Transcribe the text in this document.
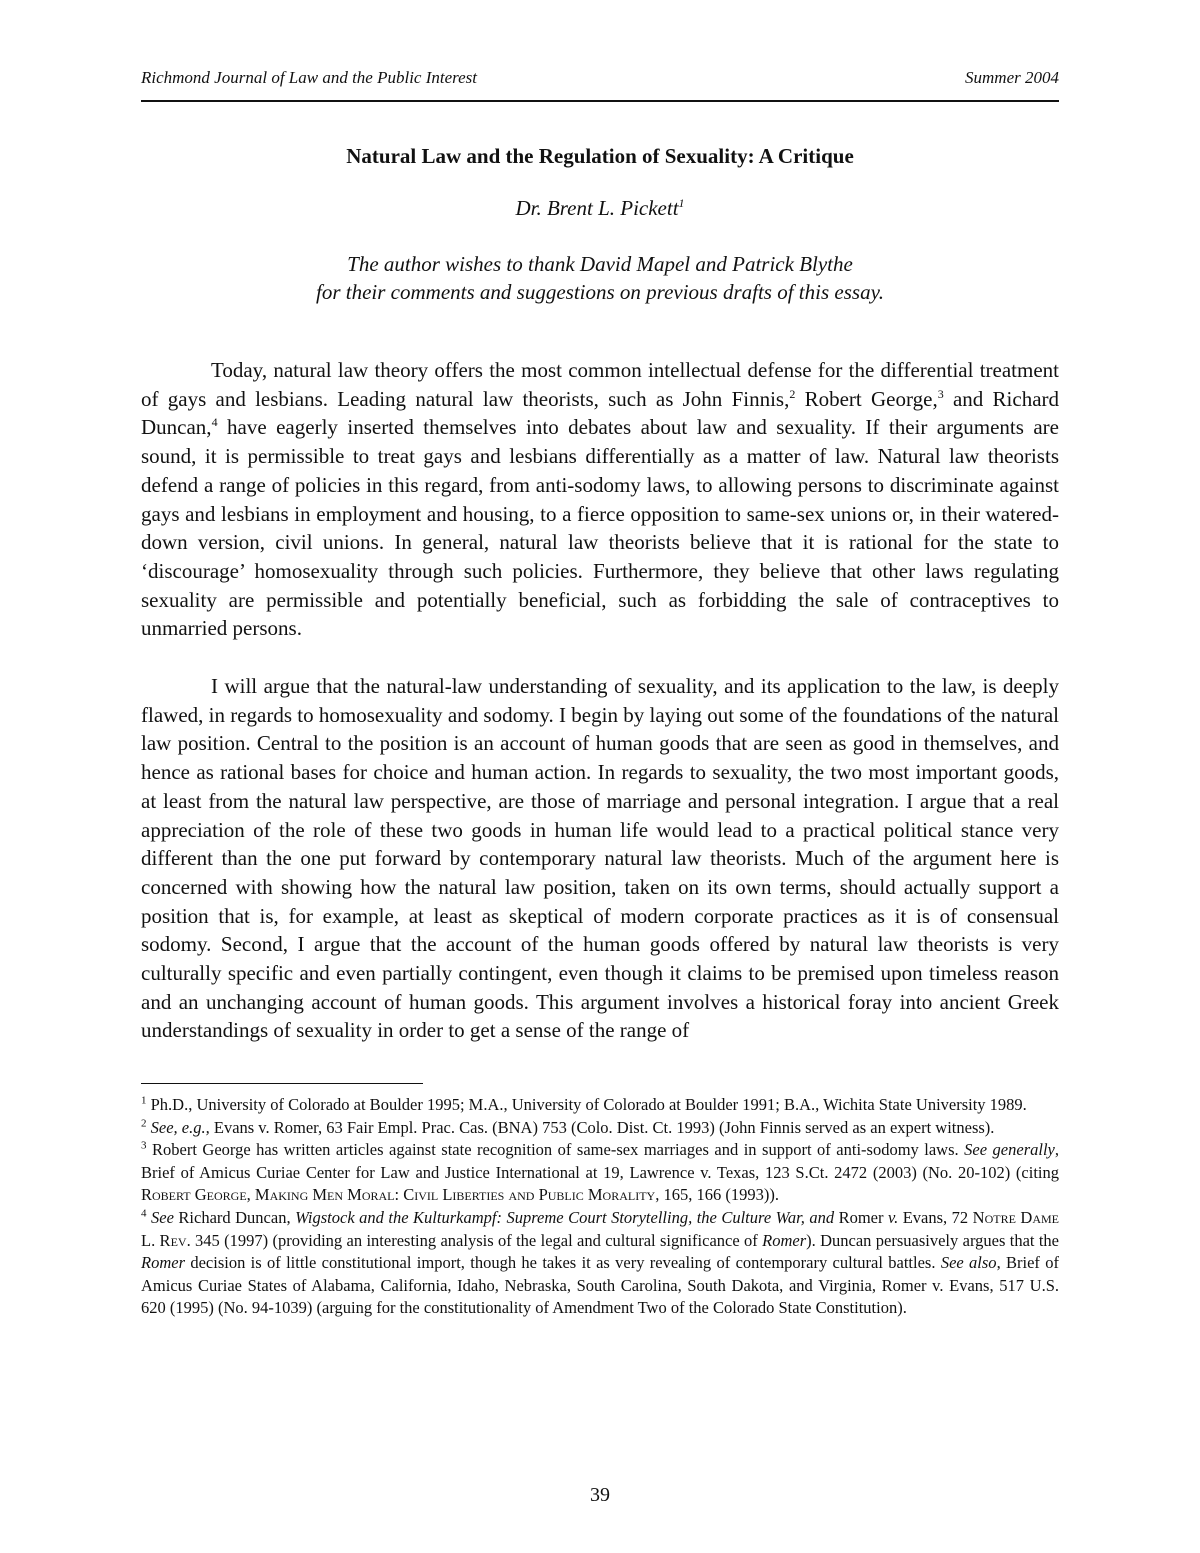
Richmond Journal of Law and the Public Interest	Summer 2004
Natural Law and the Regulation of Sexuality: A Critique
Dr. Brent L. Pickett$^1$
The author wishes to thank David Mapel and Patrick Blythe
for their comments and suggestions on previous drafts of this essay.

Today, natural law theory offers the most common intellectual defense for the differential treatment of gays and lesbians. Leading natural law theorists, such as John Finnis,$^2$ Robert George,$^3$ and Richard Duncan,$^4$ have eagerly inserted themselves into debates about law and sexuality. If their arguments are sound, it is permissible to treat gays and lesbians differentially as a matter of law. Natural law theorists defend a range of policies in this regard, from anti-sodomy laws, to allowing persons to discriminate against gays and lesbians in employment and housing, to a fierce opposition to same-sex unions or, in their watered-down version, civil unions. In general, natural law theorists believe that it is rational for the state to ‘discourage’ homosexuality through such policies. Furthermore, they believe that other laws regulating sexuality are permissible and potentially beneficial, such as forbidding the sale of contraceptives to unmarried persons.

I will argue that the natural-law understanding of sexuality, and its application to the law, is deeply flawed, in regards to homosexuality and sodomy. I begin by laying out some of the foundations of the natural law position. Central to the position is an account of human goods that are seen as good in themselves, and hence as rational bases for choice and human action. In regards to sexuality, the two most important goods, at least from the natural law perspective, are those of marriage and personal integration. I argue that a real appreciation of the role of these two goods in human life would lead to a practical political stance very different than the one put forward by contemporary natural law theorists. Much of the argument here is concerned with showing how the natural law position, taken on its own terms, should actually support a position that is, for example, at least as skeptical of modern corporate practices as it is of consensual sodomy. Second, I argue that the account of the human goods offered by natural law theorists is very culturally specific and even partially contingent, even though it claims to be premised upon timeless reason and an unchanging account of human goods. This argument involves a historical foray into ancient Greek understandings of sexuality in order to get a sense of the range of

$^1$ Ph.D., University of Colorado at Boulder 1995; M.A., University of Colorado at Boulder 1991; B.A., Wichita State University 1989.

$^2$ See, e.g., Evans v. Romer, 63 Fair Empl. Prac. Cas. (BNA) 753 (Colo. Dist. Ct. 1993) (John Finnis served as an expert witness).

$^3$ Robert George has written articles against state recognition of same-sex marriages and in support of anti-sodomy laws. See generally, Brief of Amicus Curiae Center for Law and Justice International at 19, Lawrence v. Texas, 123 S.Ct. 2472 (2003) (No. 20-102) (citing Robert George, Making Men Moral: Civil Liberties and Public Morality, 165, 166 (1993)).

$^4$ See Richard Duncan, Wigstock and the Kulturkampf: Supreme Court Storytelling, the Culture War, and Romer v. Evans, 72 Notre Dame L. Rev. 345 (1997) (providing an interesting analysis of the legal and cultural significance of Romer). Duncan persuasively argues that the Romer decision is of little constitutional import, though he takes it as very revealing of contemporary cultural battles. See also, Brief of Amicus Curiae States of Alabama, California, Idaho, Nebraska, South Carolina, South Dakota, and Virginia, Romer v. Evans, 517 U.S. 620 (1995) (No. 94-1039) (arguing for the constitutionality of Amendment Two of the Colorado State Constitution).

39
